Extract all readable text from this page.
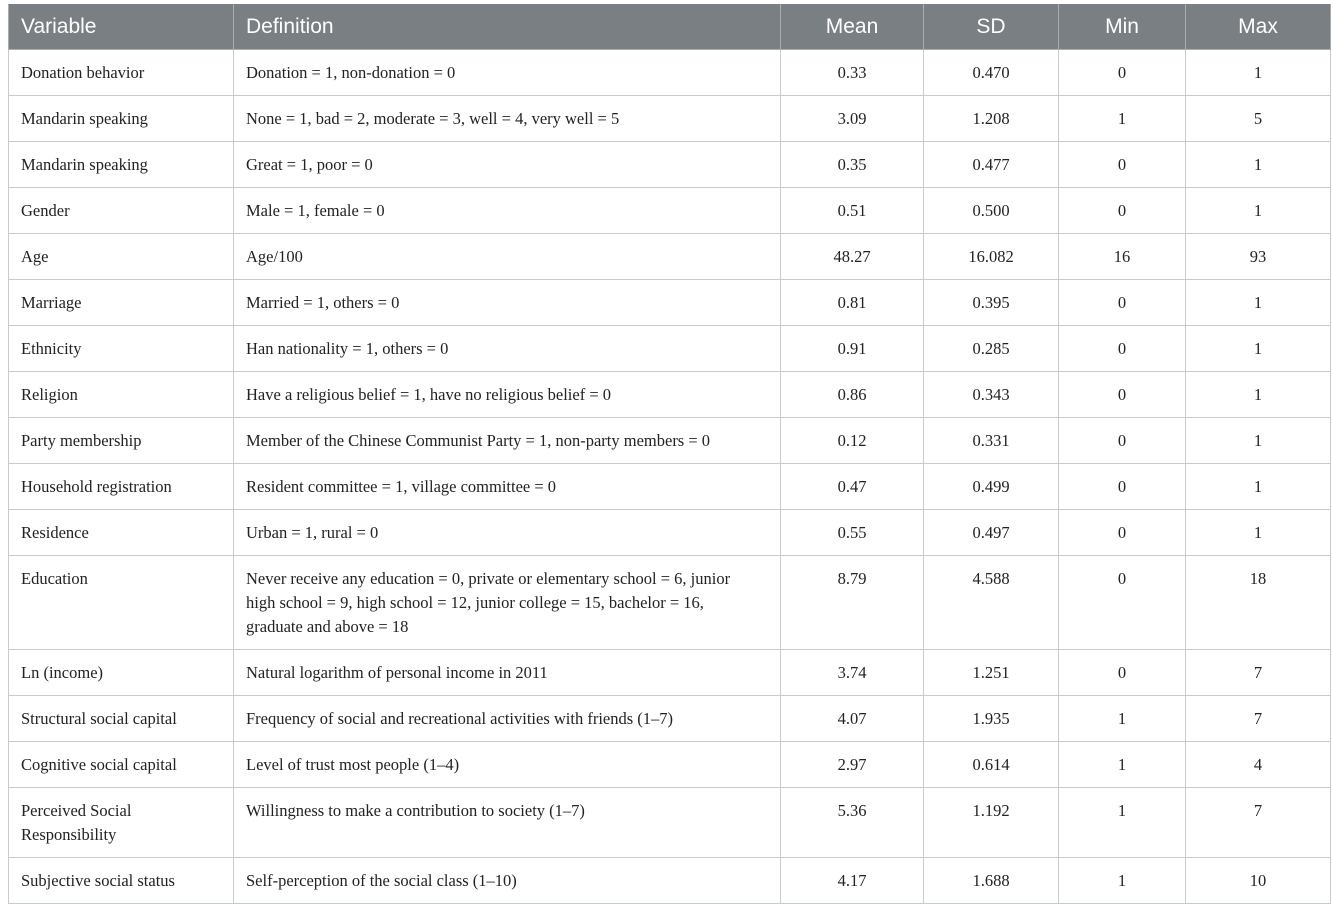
Variable	Definition	Mean	SD	Min	Max
Donation behavior	Donation = 1, non-donation = 0	0.33	0.470	0	1
Mandarin speaking	None = 1, bad = 2, moderate = 3, well = 4, very well = 5	3.09	1.208	1	5
Mandarin speaking	Great = 1, poor = 0	0.35	0.477	0	1
Gender	Male = 1, female = 0	0.51	0.500	0	1
Age	Age/100	48.27	16.082	16	93
Marriage	Married = 1, others = 0	0.81	0.395	0	1
Ethnicity	Han nationality = 1, others = 0	0.91	0.285	0	1
Religion	Have a religious belief = 1, have no religious belief = 0	0.86	0.343	0	1
Party membership	Member of the Chinese Communist Party = 1, non-party members = 0	0.12	0.331	0	1
Household registration	Resident committee = 1, village committee = 0	0.47	0.499	0	1
Residence	Urban = 1, rural = 0	0.55	0.497	0	1
Education	Never receive any education = 0, private or elementary school = 6, junior high school = 9, high school = 12, junior college = 15, bachelor = 16, graduate and above = 18	8.79	4.588	0	18
Ln (income)	Natural logarithm of personal income in 2011	3.74	1.251	0	7
Structural social capital	Frequency of social and recreational activities with friends (1–7)	4.07	1.935	1	7
Cognitive social capital	Level of trust most people (1–4)	2.97	0.614	1	4
Perceived Social Responsibility	Willingness to make a contribution to society (1–7)	5.36	1.192	1	7
Subjective social status	Self-perception of the social class (1–10)	4.17	1.688	1	10
